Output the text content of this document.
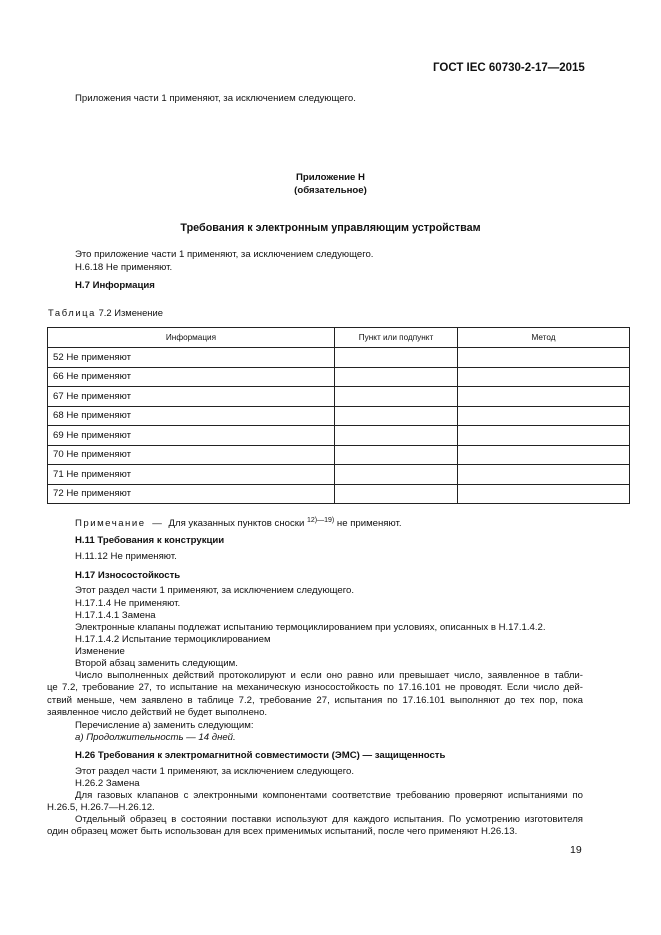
ГОСТ IEC 60730-2-17—2015
Приложения части 1 применяют, за исключением следующего.
Приложение Н
(обязательное)
Требования к электронным управляющим устройствам
Это приложение части 1 применяют, за исключением следующего.
Н.6.18 Не применяют.
Н.7 Информация
Таблица 7.2 Изменение
Информация	Пункт или подпункт	Метод
52 Не применяют		
66 Не применяют		
67 Не применяют		
68 Не применяют		
69 Не применяют		
70 Не применяют		
71 Не применяют		
72 Не применяют		
Примечание — Для указанных пунктов сноски $^{12)—19)}$ не применяют.
Н.11 Требования к конструкции
Н.11.12 Не применяют.
Н.17 Износостойкость
Этот раздел части 1 применяют, за исключением следующего.
Н.17.1.4 Не применяют.
Н.17.1.4.1 Замена
Электронные клапаны подлежат испытанию термоциклированием при условиях, описанных в Н.17.1.4.2.
Н.17.1.4.2 Испытание термоциклированием
Изменение
Второй абзац заменить следующим.
Число выполненных действий протоколируют и если оно равно или превышает число, заявленное в табли-
це 7.2, требование 27, то испытание на механическую износостойкость по 17.16.101 не проводят. Если число дей-
ствий меньше, чем заявлено в таблице 7.2, требование 27, испытания по 17.16.101 выполняют до тех пор, пока
заявленное число действий не будет выполнено.
Перечисление a) заменить следующим:
а) Продолжительность — 14 дней.
Н.26 Требования к электромагнитной совместимости (ЭМС) — защищенность
Этот раздел части 1 применяют, за исключением следующего.
Н.26.2 Замена
Для газовых клапанов с электронными компонентами соответствие требованию проверяют испытаниями по
Н.26.5, Н.26.7—Н.26.12.
Отдельный образец в состоянии поставки используют для каждого испытания. По усмотрению изготовителя
один образец может быть использован для всех применимых испытаний, после чего применяют Н.26.13.
19
